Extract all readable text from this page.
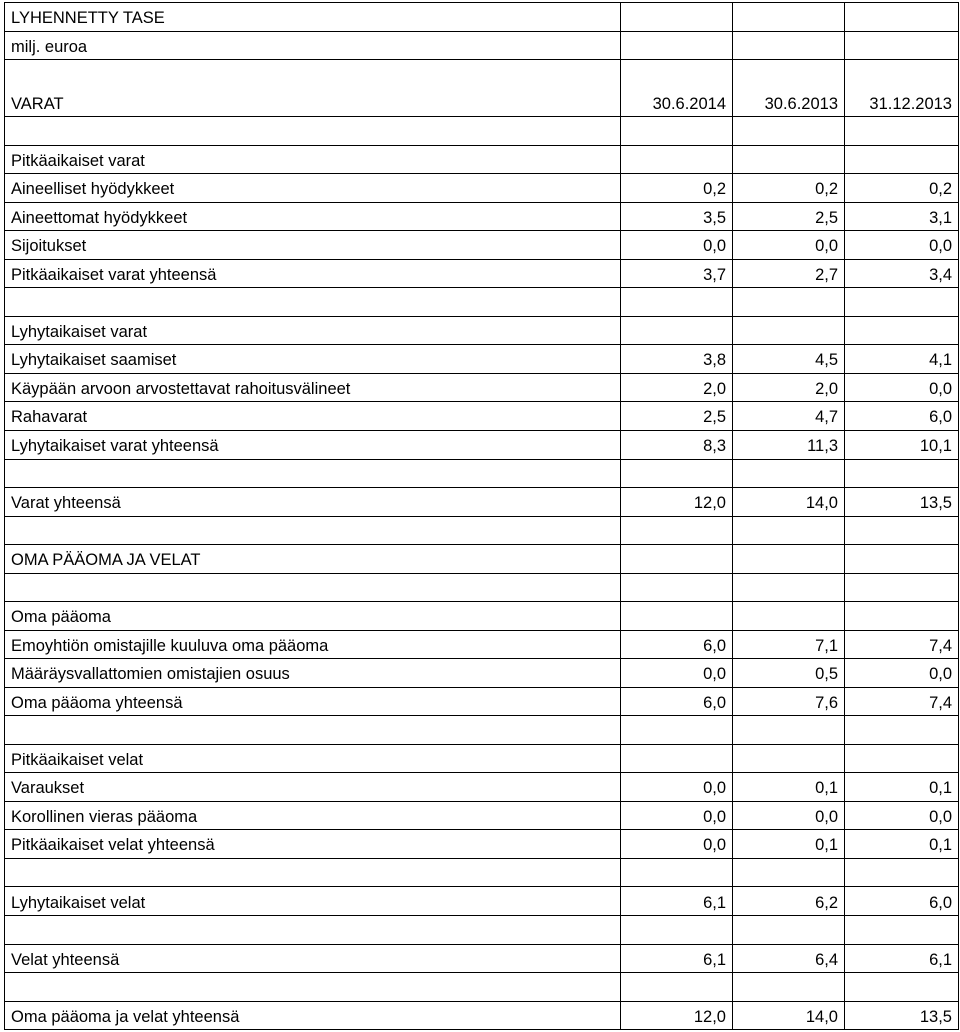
LYHENNETTY TASE			
milj. euroa			
VARAT	30.6.2014	30.6.2013	31.12.2013

Pitkäaikaiset varat			
Aineelliset hyödykkeet	0,2	0,2	0,2
Aineettomat hyödykkeet	3,5	2,5	3,1
Sijoitukset	0,0	0,0	0,0
Pitkäaikaiset varat yhteensä	3,7	2,7	3,4

Lyhytaikaiset varat			
Lyhytaikaiset saamiset	3,8	4,5	4,1
Käypään arvoon arvostettavat rahoitusvälineet	2,0	2,0	0,0
Rahavarat	2,5	4,7	6,0
Lyhytaikaiset varat yhteensä	8,3	11,3	10,1

Varat yhteensä	12,0	14,0	13,5

OMA PÄÄOMA JA VELAT			

Oma pääoma			
Emoyhtiön omistajille kuuluva oma pääoma	6,0	7,1	7,4
Määräysvallattomien omistajien osuus	0,0	0,5	0,0
Oma pääoma yhteensä	6,0	7,6	7,4

Pitkäaikaiset velat			
Varaukset	0,0	0,1	0,1
Korollinen vieras pääoma	0,0	0,0	0,0
Pitkäaikaiset velat yhteensä	0,0	0,1	0,1

Lyhytaikaiset velat	6,1	6,2	6,0

Velat yhteensä	6,1	6,4	6,1

Oma pääoma ja velat yhteensä	12,0	14,0	13,5
